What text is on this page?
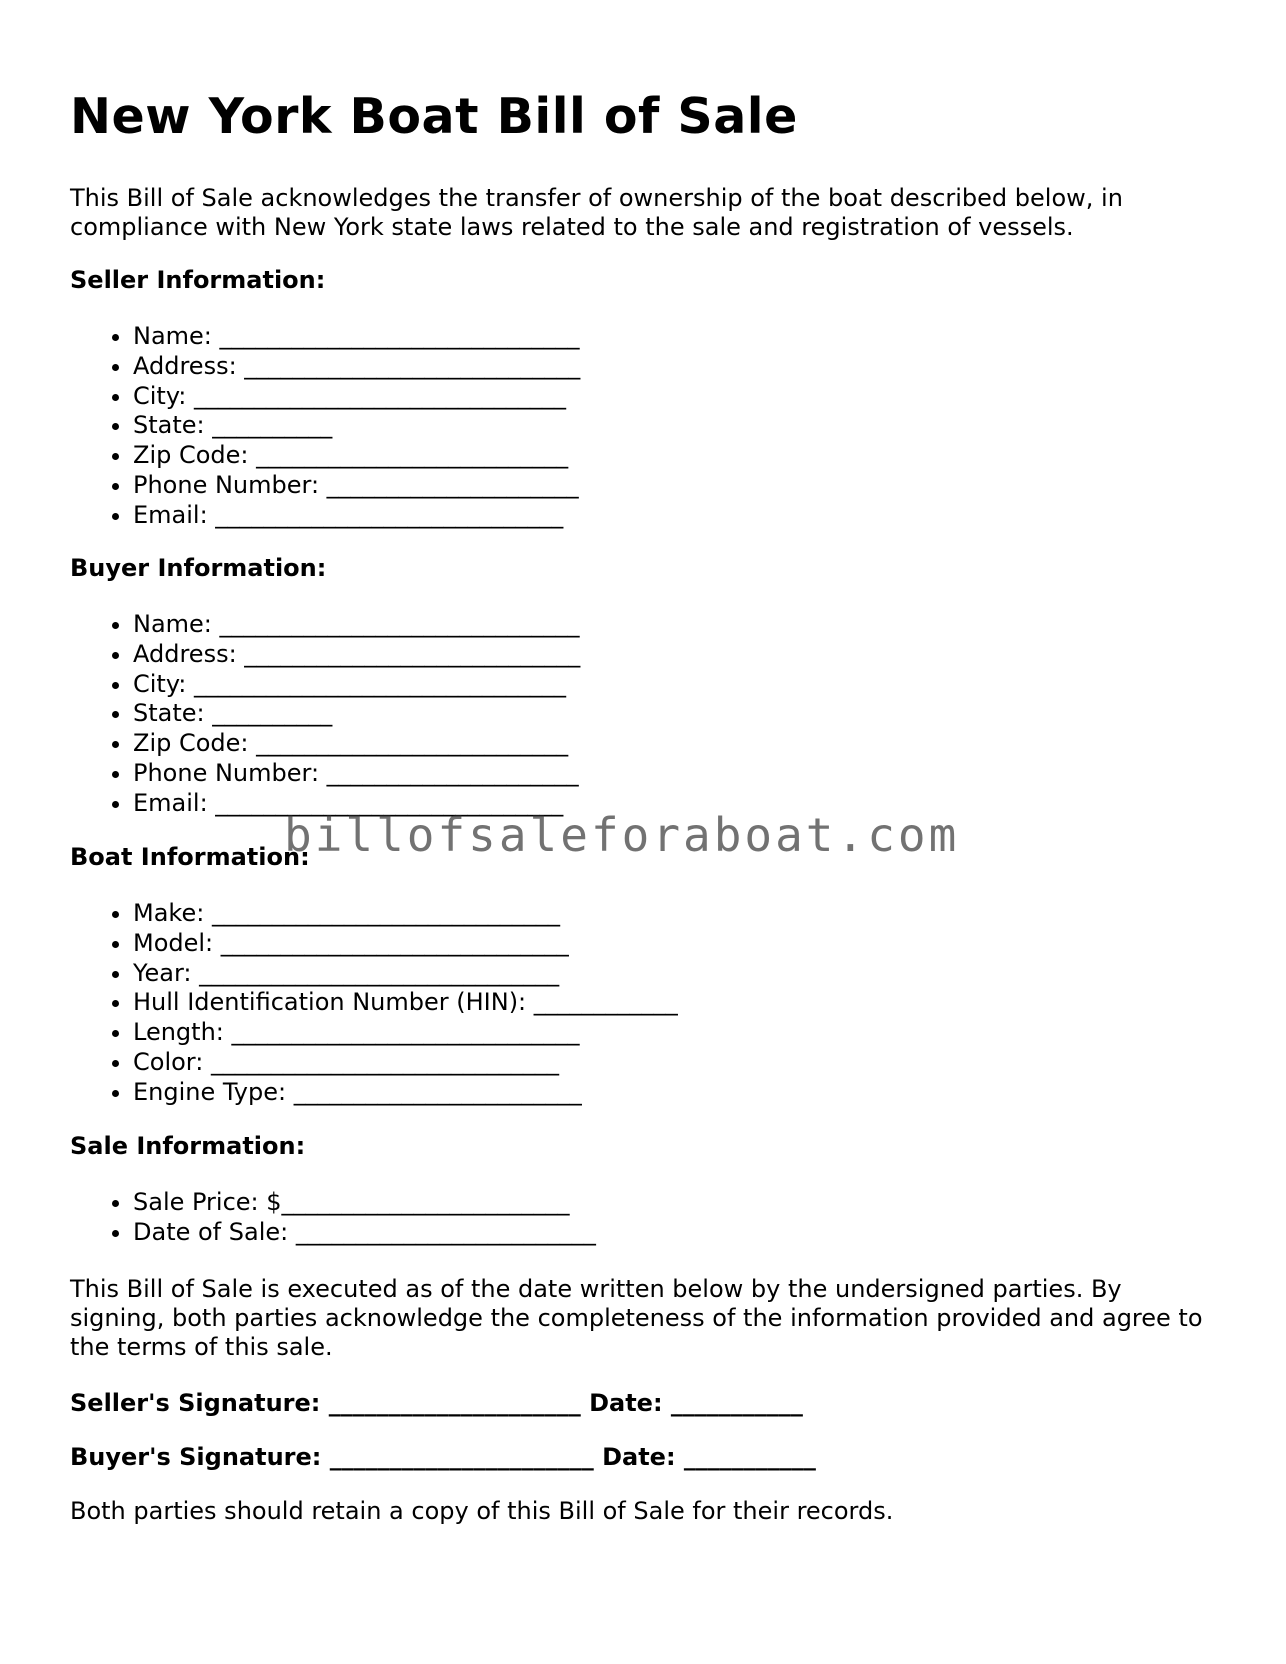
New York Boat Bill of Sale

This Bill of Sale acknowledges the transfer of ownership of the boat described below, in compliance with New York state laws related to the sale and registration of vessels.

Seller Information:

• Name: ______________________________
• Address: ____________________________
• City: _______________________________
• State: __________
• Zip Code: __________________________
• Phone Number: _____________________
• Email: _____________________________

Buyer Information:

• Name: ______________________________
• Address: ____________________________
• City: _______________________________
• State: __________
• Zip Code: __________________________
• Phone Number: _____________________
• Email: _____________________________

Boat Information:

• Make: _____________________________
• Model: _____________________________
• Year: ______________________________
• Hull Identification Number (HIN): ____________
• Length: _____________________________
• Color: _____________________________
• Engine Type: ________________________

Sale Information:

• Sale Price: $________________________
• Date of Sale: _________________________

This Bill of Sale is executed as of the date written below by the undersigned parties. By signing, both parties acknowledge the completeness of the information provided and agree to the terms of this sale.

Seller's Signature: _____________________ Date: ___________

Buyer's Signature: ______________________ Date: ___________

Both parties should retain a copy of this Bill of Sale for their records.

billofsaleforaboat.com
